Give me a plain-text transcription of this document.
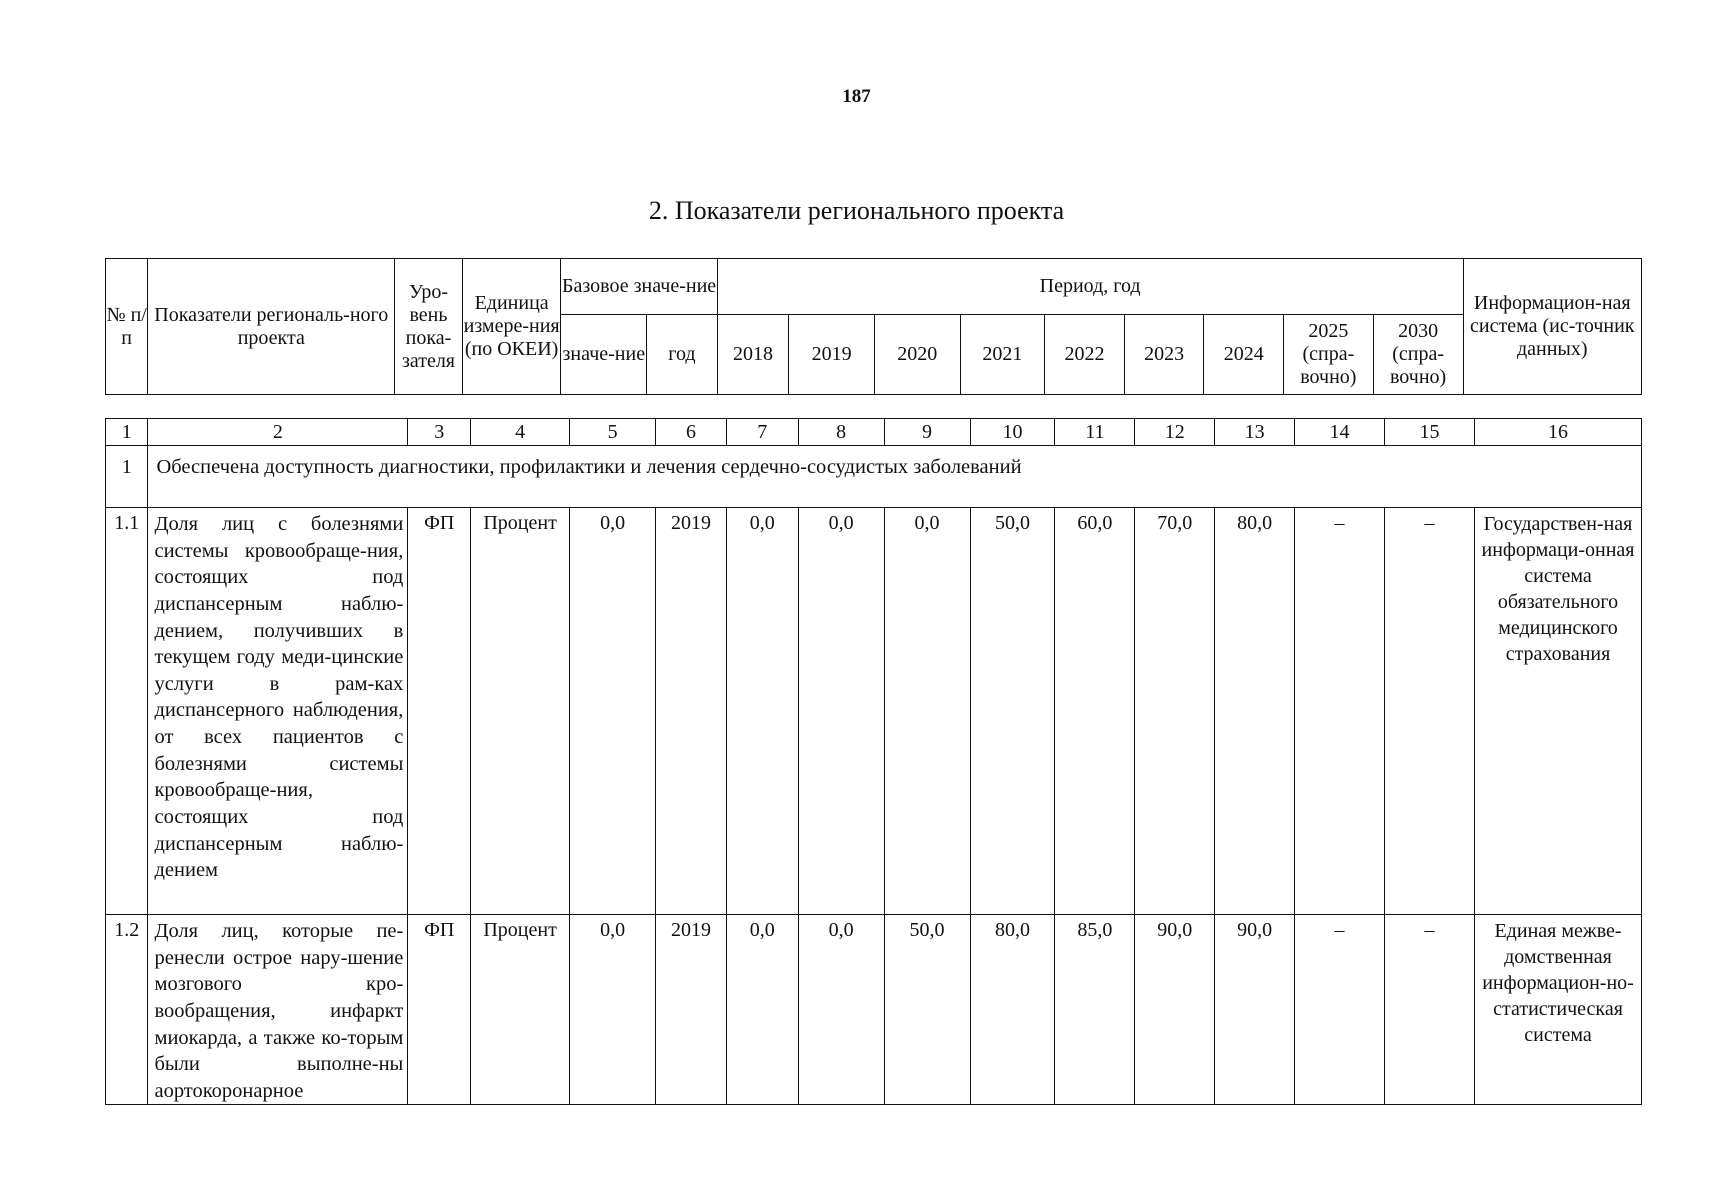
187
2. Показатели регионального проекта
№ п/п	Показатели региональ-ного проекта	Уро-вень пока-зателя	Единица измере-ния (по ОКЕИ)	Базовое значе-ние		Период, год									Информацион-ная система (ис-точник данных)
				значе-ние	год	2018	2019	2020	2021	2022	2023	2024	2025 (спра-вочно)	2030 (спра-вочно)	
1	2	3	4	5	6	7	8	9	10	11	12	13	14	15	16
1	Обеспечена доступность диагностики, профилактики и лечения сердечно-сосудистых заболеваний														
1.1	Доля лиц с болезнями системы кровообраще-ния, состоящих под диспансерным наблю-дением, получивших в текущем году меди-цинские услуги в рам-ках диспансерного наблюдения, от всех пациентов с болезнями системы кровообраще-ния, состоящих под диспансерным наблю-дением	ФП	Процент	0,0	2019	0,0	0,0	0,0	50,0	60,0	70,0	80,0	–	–	Государствен-ная информаци-онная система обязательного медицинского страхования
1.2	Доля лиц, которые пе-ренесли острое нару-шение мозгового кро-вообращения, инфаркт миокарда, а также ко-торым были выполне-ны аортокоронарное	ФП	Процент	0,0	2019	0,0	0,0	50,0	80,0	85,0	90,0	90,0	–	–	Единая межве-домственная информацион-но-статистическая система
